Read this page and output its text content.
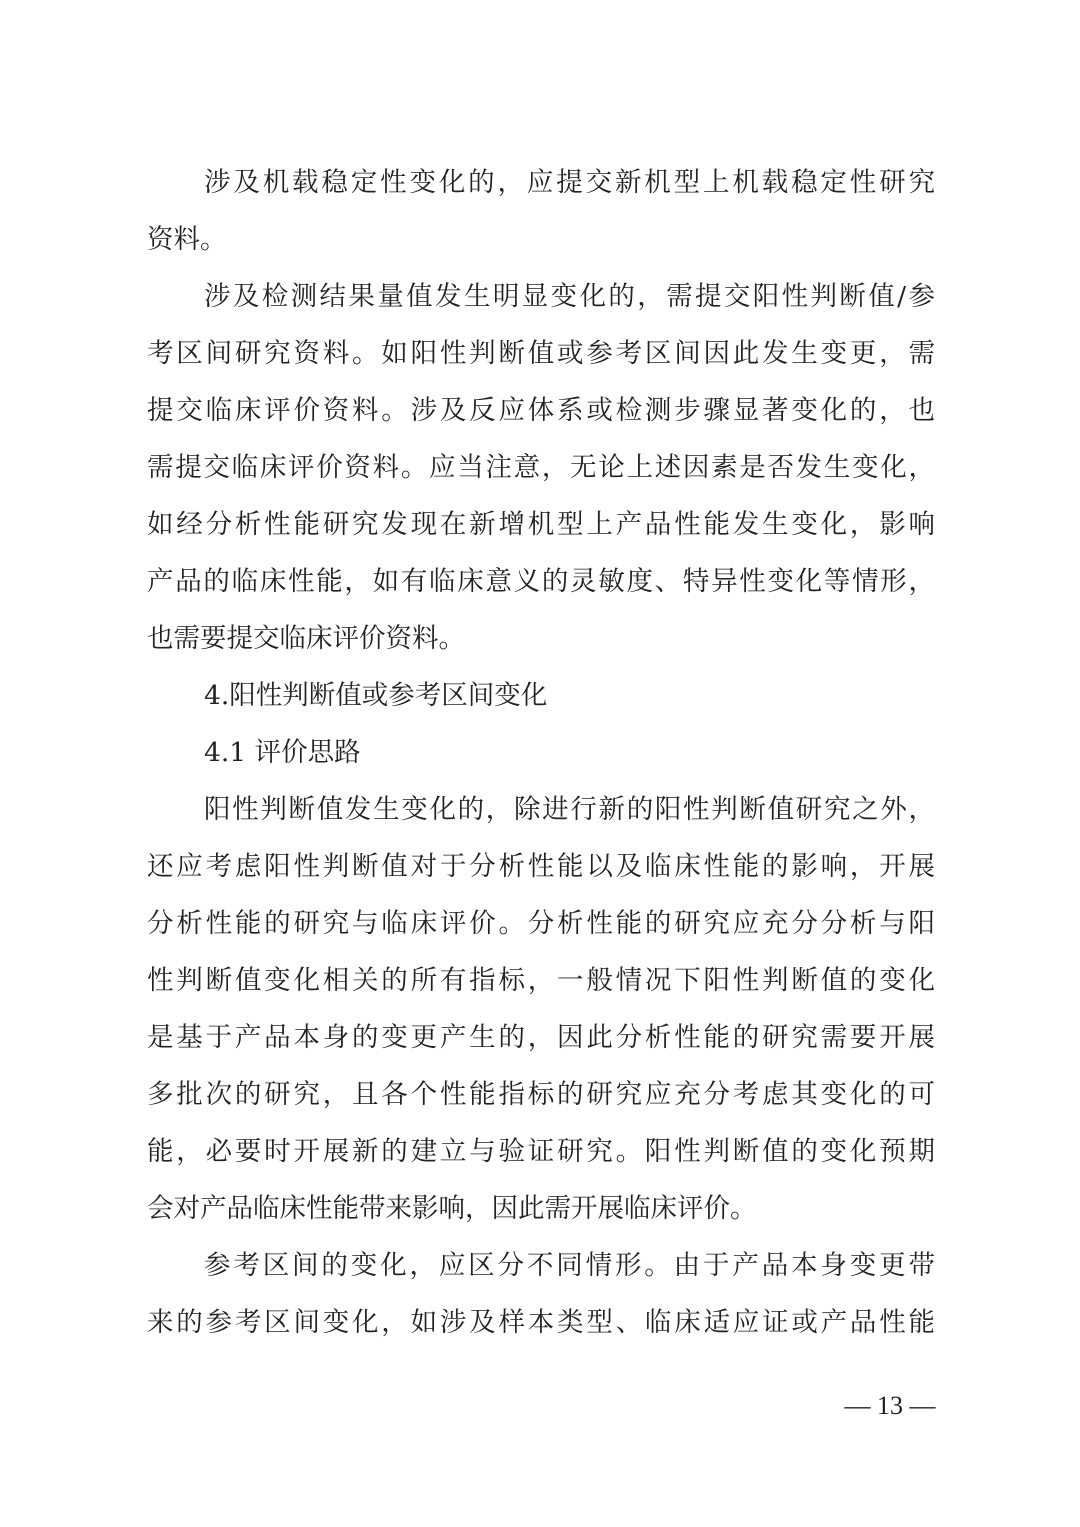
涉及机载稳定性变化的，应提交新机型上机载稳定性研究
资料。
涉及检测结果量值发生明显变化的，需提交阳性判断值/参
考区间研究资料。如阳性判断值或参考区间因此发生变更，需
提交临床评价资料。涉及反应体系或检测步骤显著变化的，也
需提交临床评价资料。应当注意，无论上述因素是否发生变化，
如经分析性能研究发现在新增机型上产品性能发生变化，影响
产品的临床性能，如有临床意义的灵敏度、特异性变化等情形，
也需要提交临床评价资料。
4.阳性判断值或参考区间变化
4.1 评价思路
阳性判断值发生变化的，除进行新的阳性判断值研究之外，
还应考虑阳性判断值对于分析性能以及临床性能的影响，开展
分析性能的研究与临床评价。分析性能的研究应充分分析与阳
性判断值变化相关的所有指标，一般情况下阳性判断值的变化
是基于产品本身的变更产生的，因此分析性能的研究需要开展
多批次的研究，且各个性能指标的研究应充分考虑其变化的可
能，必要时开展新的建立与验证研究。阳性判断值的变化预期
会对产品临床性能带来影响，因此需开展临床评价。
参考区间的变化，应区分不同情形。由于产品本身变更带
来的参考区间变化，如涉及样本类型、临床适应证或产品性能
— 13 —
